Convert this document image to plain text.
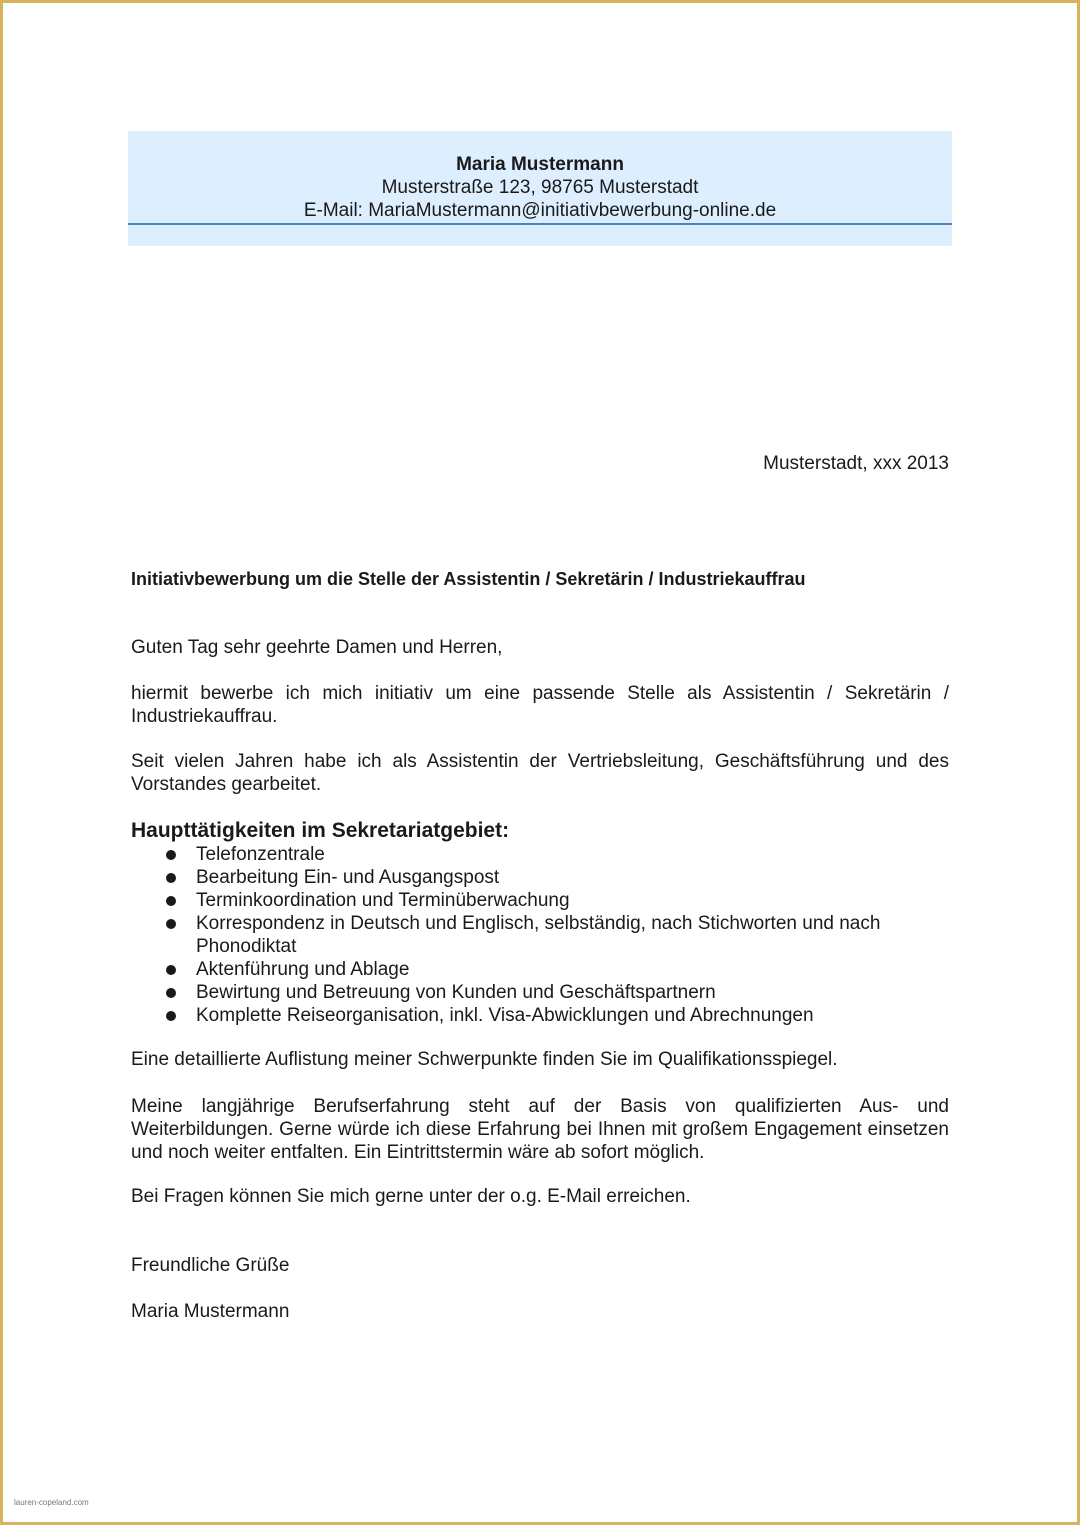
Maria Mustermann
Musterstraße 123, 98765 Musterstadt
E-Mail: MariaMustermann@initiativbewerbung-online.de
Musterstadt, xxx 2013
Initiativbewerbung um die Stelle der Assistentin / Sekretärin / Industriekauffrau
Guten Tag sehr geehrte Damen und Herren,
hiermit bewerbe ich mich initiativ um eine passende Stelle als Assistentin / Sekretärin / Industriekauffrau.
Seit vielen Jahren habe ich als Assistentin der Vertriebsleitung, Geschäftsführung und des Vorstandes gearbeitet.
Haupttätigkeiten im Sekretariatgebiet:
Telefonzentrale
Bearbeitung Ein- und Ausgangspost
Terminkoordination und Terminüberwachung
Korrespondenz in Deutsch und Englisch, selbständig, nach Stichworten und nach Phonodiktat
Aktenführung und Ablage
Bewirtung und Betreuung von Kunden und Geschäftspartnern
Komplette Reiseorganisation, inkl. Visa-Abwicklungen und Abrechnungen
Eine detaillierte Auflistung meiner Schwerpunkte finden Sie im Qualifikationsspiegel.
Meine langjährige Berufserfahrung steht auf der Basis von qualifizierten Aus- und Weiterbildungen. Gerne würde ich diese Erfahrung bei Ihnen mit großem Engagement einsetzen und noch weiter entfalten. Ein Eintrittstermin wäre ab sofort möglich.
Bei Fragen können Sie mich gerne unter der o.g. E-Mail erreichen.
Freundliche Grüße
Maria Mustermann
lauren-copeland.com
